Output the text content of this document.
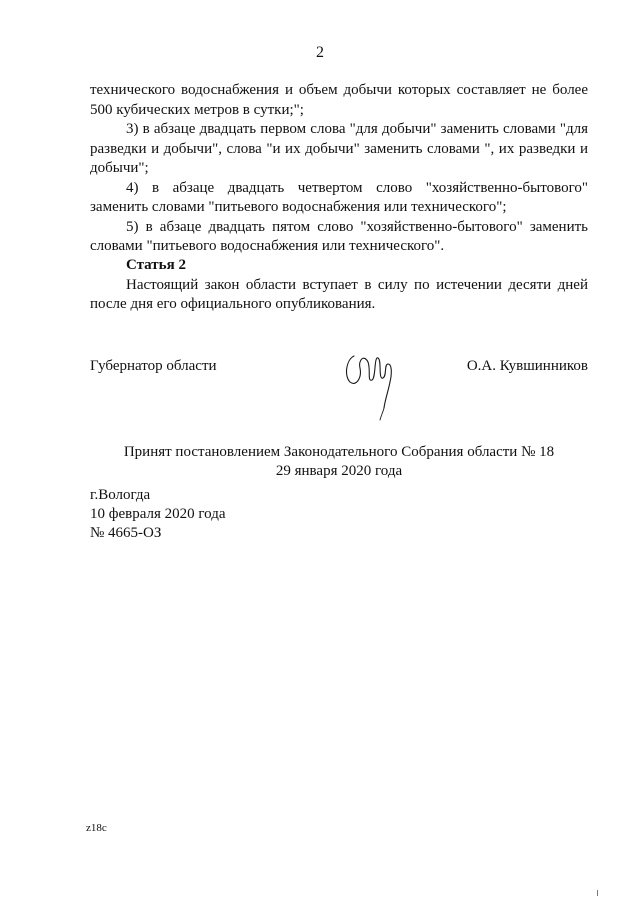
2

технического водоснабжения и объем добычи которых составляет не более 500 кубических метров в сутки;";

3) в абзаце двадцать первом слова "для добычи" заменить словами "для разведки и добычи", слова "и их добычи" заменить словами ", их разведки и добычи";

4) в абзаце двадцать четвертом слово "хозяйственно-бытового" заменить словами "питьевого водоснабжения или технического";

5) в абзаце двадцать пятом слово "хозяйственно-бытового" заменить словами "питьевого водоснабжения или технического".

Статья 2

Настоящий закон области вступает в силу по истечении десяти дней после дня его официального опубликования.

Губернатор области	О.А. Кувшинников
Принят постановлением Законодательного Собрания области № 18
29 января 2020 года
г.Вологда
10 февраля 2020 года
№ 4665-ОЗ
z18c
